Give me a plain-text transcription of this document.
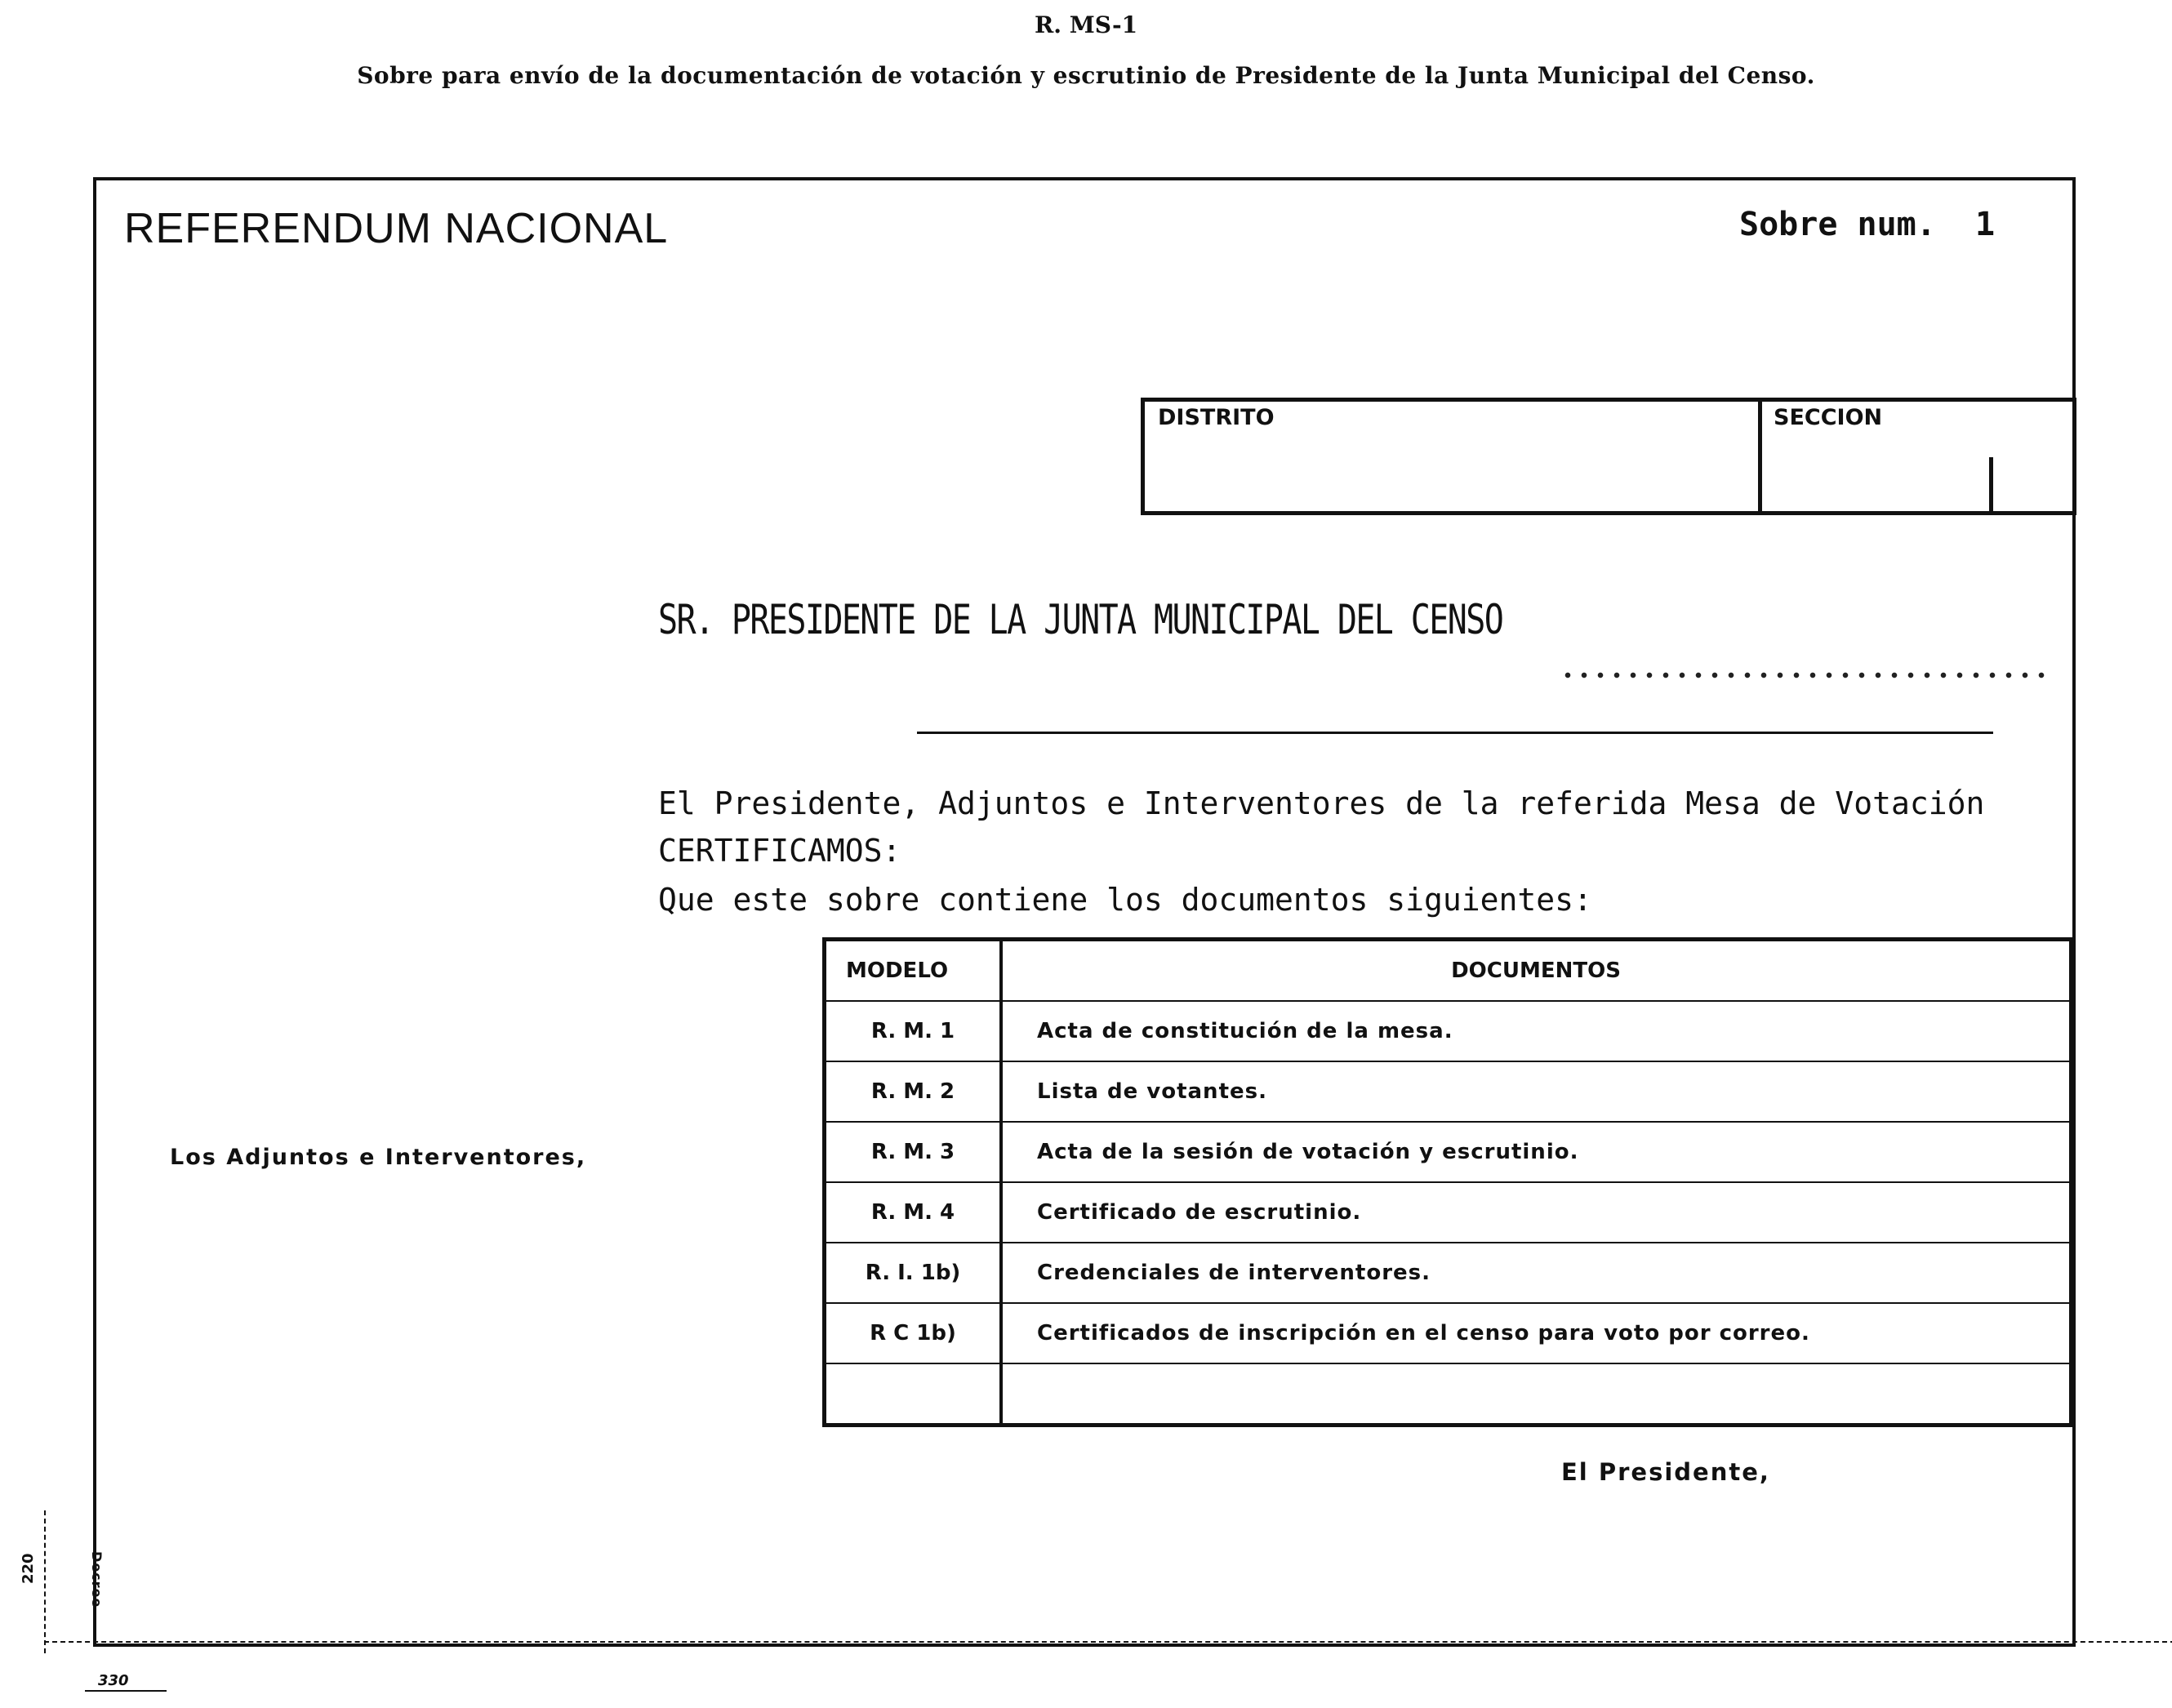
R. MS-1
Sobre para envío de la documentación de votación y escrutinio de Presidente de la Junta Municipal del Censo.
REFERENDUM NACIONAL	Sobre num.  1
DISTRITO	SECCION
SR. PRESIDENTE DE LA JUNTA MUNICIPAL DEL CENSO
El Presidente, Adjuntos e Interventores de la referida Mesa de Votación
CERTIFICAMOS:
Que este sobre contiene los documentos siguientes:
MODELO	DOCUMENTOS
R. M. 1	Acta de constitución de la mesa.
R. M. 2	Lista de votantes.
R. M. 3	Acta de la sesión de votación y escrutinio.
R. M. 4	Certificado de escrutinio.
R. I. 1b)	Credenciales de interventores.
R C 1b)	Certificados de inscripción en el censo para voto por correo.

Los Adjuntos e Interventores,
El Presidente,
220
330
Decree
